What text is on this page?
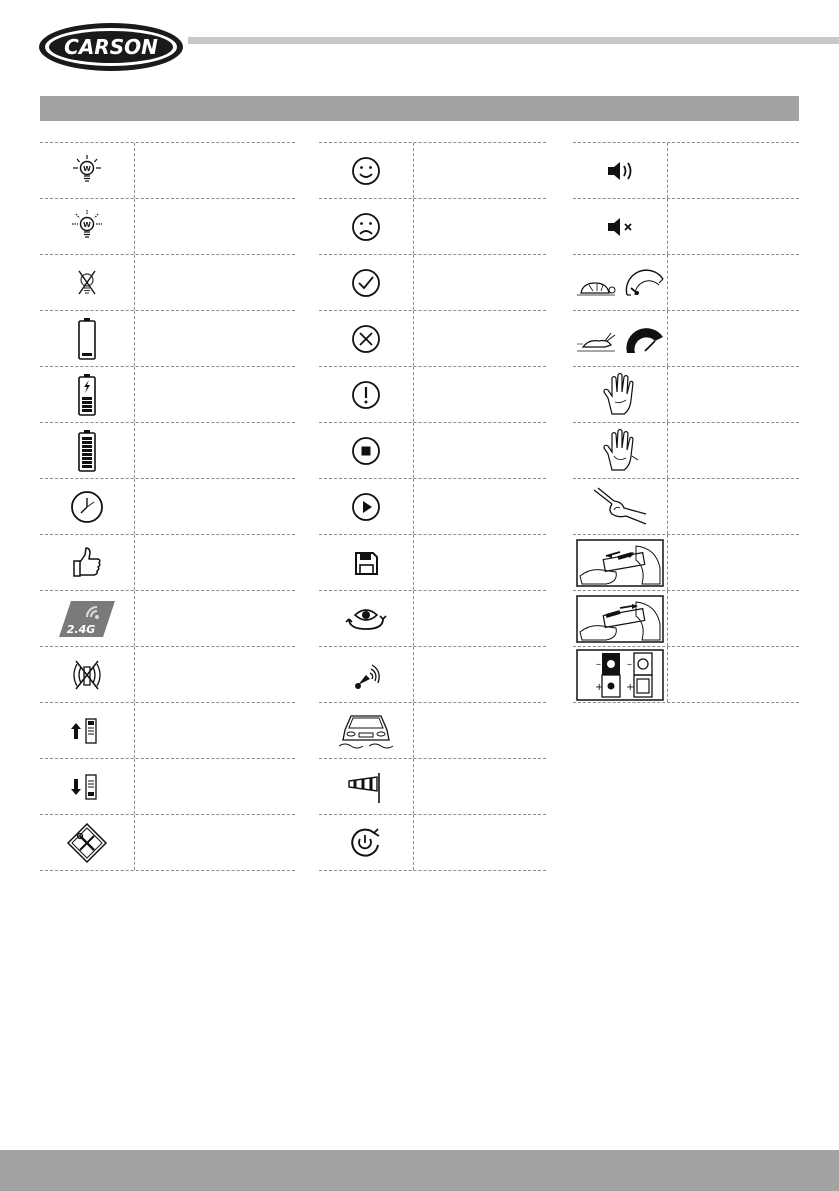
CARSON
W
W
2.4G
–
+
–
+
